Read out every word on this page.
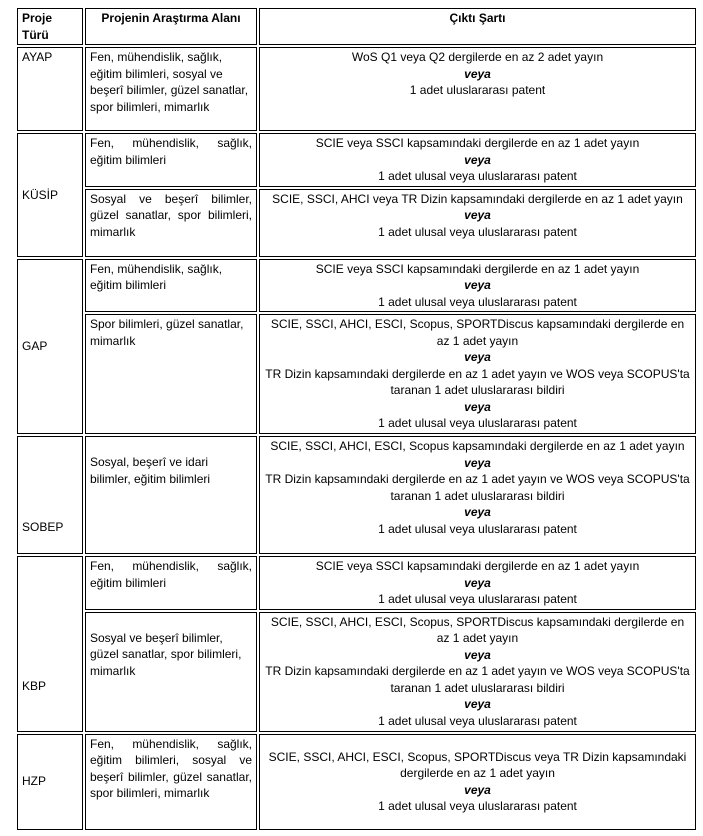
Proje Türü	Projenin Araştırma Alanı	Çıktı Şartı
AYAP	Fen, mühendislik, sağlık, eğitim bilimleri, sosyal ve beşerî bilimler, güzel sanatlar, spor bilimleri, mimarlık	WoS Q1 veya Q2 dergilerde en az 2 adet yayın
veya
1 adet uluslararası patent

KÜSİP	Fen, mühendislik, sağlık, eğitim bilimleri	SCIE veya SSCI kapsamındaki dergilerde en az 1 adet yayın
veya
1 adet ulusal veya uluslararası patent

	Sosyal ve beşerî bilimler, güzel sanatlar, spor bilimleri, mimarlık	SCIE, SSCI, AHCI veya TR Dizin kapsamındaki dergilerde en az 1 adet yayın
veya
1 adet ulusal veya uluslararası patent

GAP	Fen, mühendislik, sağlık, eğitim bilimleri	SCIE veya SSCI kapsamındaki dergilerde en az 1 adet yayın
veya
1 adet ulusal veya uluslararası patent

	Spor bilimleri, güzel sanatlar, mimarlık	SCIE, SSCI, AHCI, ESCI, Scopus, SPORTDiscus kapsamındaki dergilerde en az 1 adet yayın
veya
TR Dizin kapsamındaki dergilerde en az 1 adet yayın ve WOS veya SCOPUS'ta taranan 1 adet uluslararası bildiri
veya
1 adet ulusal veya uluslararası patent

SOBEP	Sosyal, beşerî ve idari bilimler, eğitim bilimleri	SCIE, SSCI, AHCI, ESCI, Scopus kapsamındaki dergilerde en az 1 adet yayın
veya
TR Dizin kapsamındaki dergilerde en az 1 adet yayın ve WOS veya SCOPUS'ta taranan 1 adet uluslararası bildiri
veya
1 adet ulusal veya uluslararası patent

KBP	Fen, mühendislik, sağlık, eğitim bilimleri	SCIE veya SSCI kapsamındaki dergilerde en az 1 adet yayın
veya
1 adet ulusal veya uluslararası patent

	Sosyal ve beşerî bilimler, güzel sanatlar, spor bilimleri, mimarlık	SCIE, SSCI, AHCI, ESCI, Scopus, SPORTDiscus kapsamındaki dergilerde en az 1 adet yayın
veya
TR Dizin kapsamındaki dergilerde en az 1 adet yayın ve WOS veya SCOPUS'ta taranan 1 adet uluslararası bildiri
veya
1 adet ulusal veya uluslararası patent

HZP	Fen, mühendislik, sağlık, eğitim bilimleri, sosyal ve beşerî bilimler, güzel sanatlar, spor bilimleri, mimarlık	SCIE, SSCI, AHCI, ESCI, Scopus, SPORTDiscus veya TR Dizin kapsamındaki dergilerde en az 1 adet yayın
veya
1 adet ulusal veya uluslararası patent
